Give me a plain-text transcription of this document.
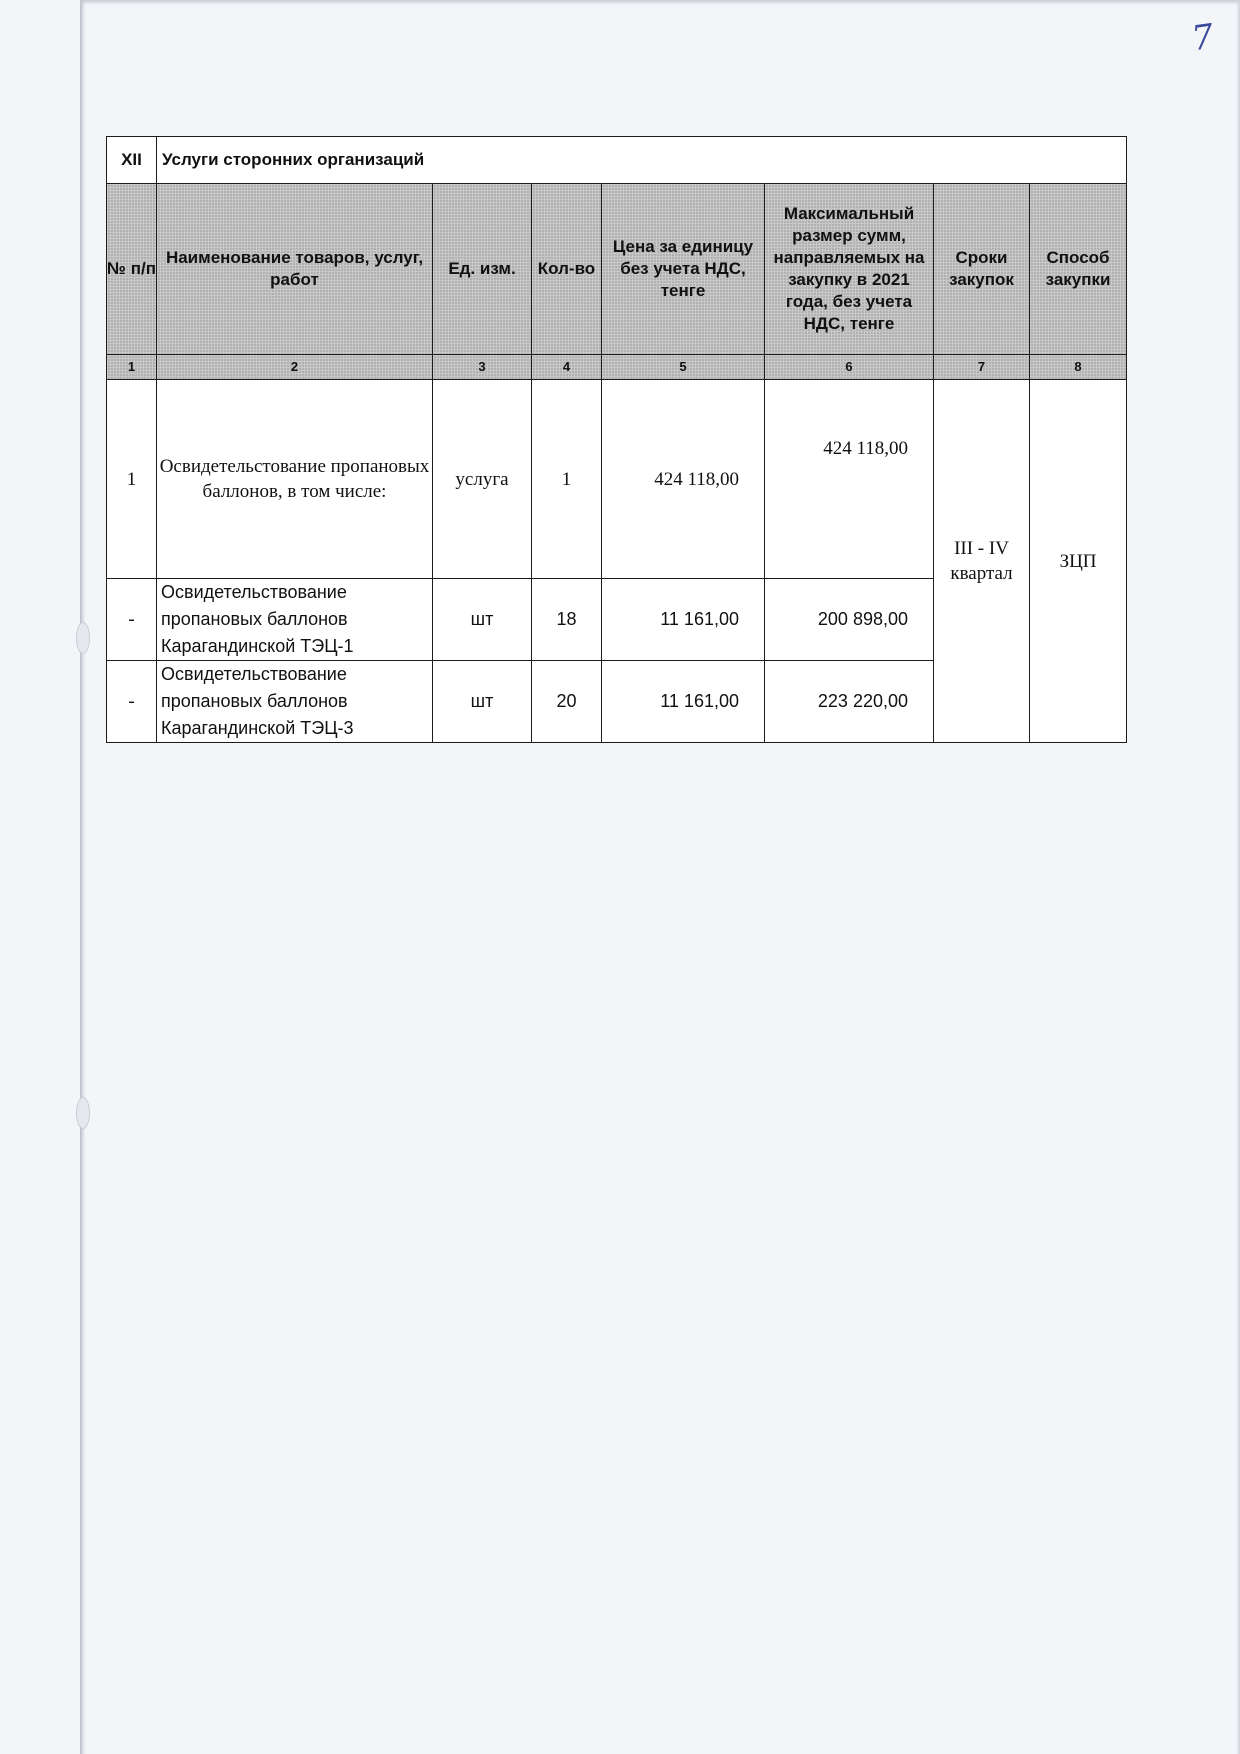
7
XII	Услуги сторонних организаций						
№ п/п	Наименование товаров, услуг, работ	Ед. изм.	Кол-во	Цена за единицу без учета НДС, тенге	Максимальный размер сумм, направляемых на закупку в 2021 года, без учета НДС, тенге	Сроки закупок	Способ закупки
1	2	3	4	5	6	7	8
1	Освидетельстование пропановых баллонов, в том числе:	услуга	1	424 118,00	424 118,00	III - IV квартал	ЗЦП
-	Освидетельствование пропановых баллонов Карагандинской ТЭЦ-1	шт	18	11 161,00	200 898,00		
-	Освидетельствование пропановых баллонов Карагандинской ТЭЦ-3	шт	20	11 161,00	223 220,00		
